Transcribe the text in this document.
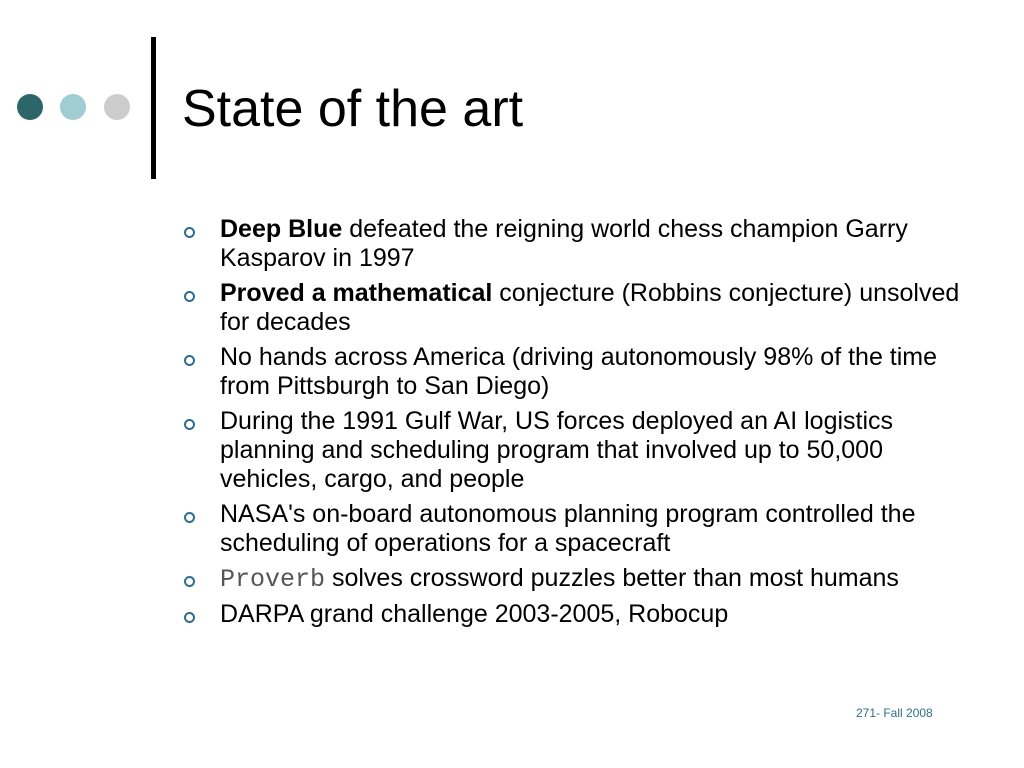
State of the art
Deep Blue defeated the reigning world chess champion Garry Kasparov in 1997
Proved a mathematical conjecture (Robbins conjecture) unsolved for decades
No hands across America (driving autonomously 98% of the time from Pittsburgh to San Diego)
During the 1991 Gulf War, US forces deployed an AI logistics planning and scheduling program that involved up to 50,000 vehicles, cargo, and people
NASA's on-board autonomous planning program controlled the scheduling of operations for a spacecraft
Proverb solves crossword puzzles better than most humans
DARPA grand challenge 2003-2005, Robocup
271- Fall 2008
